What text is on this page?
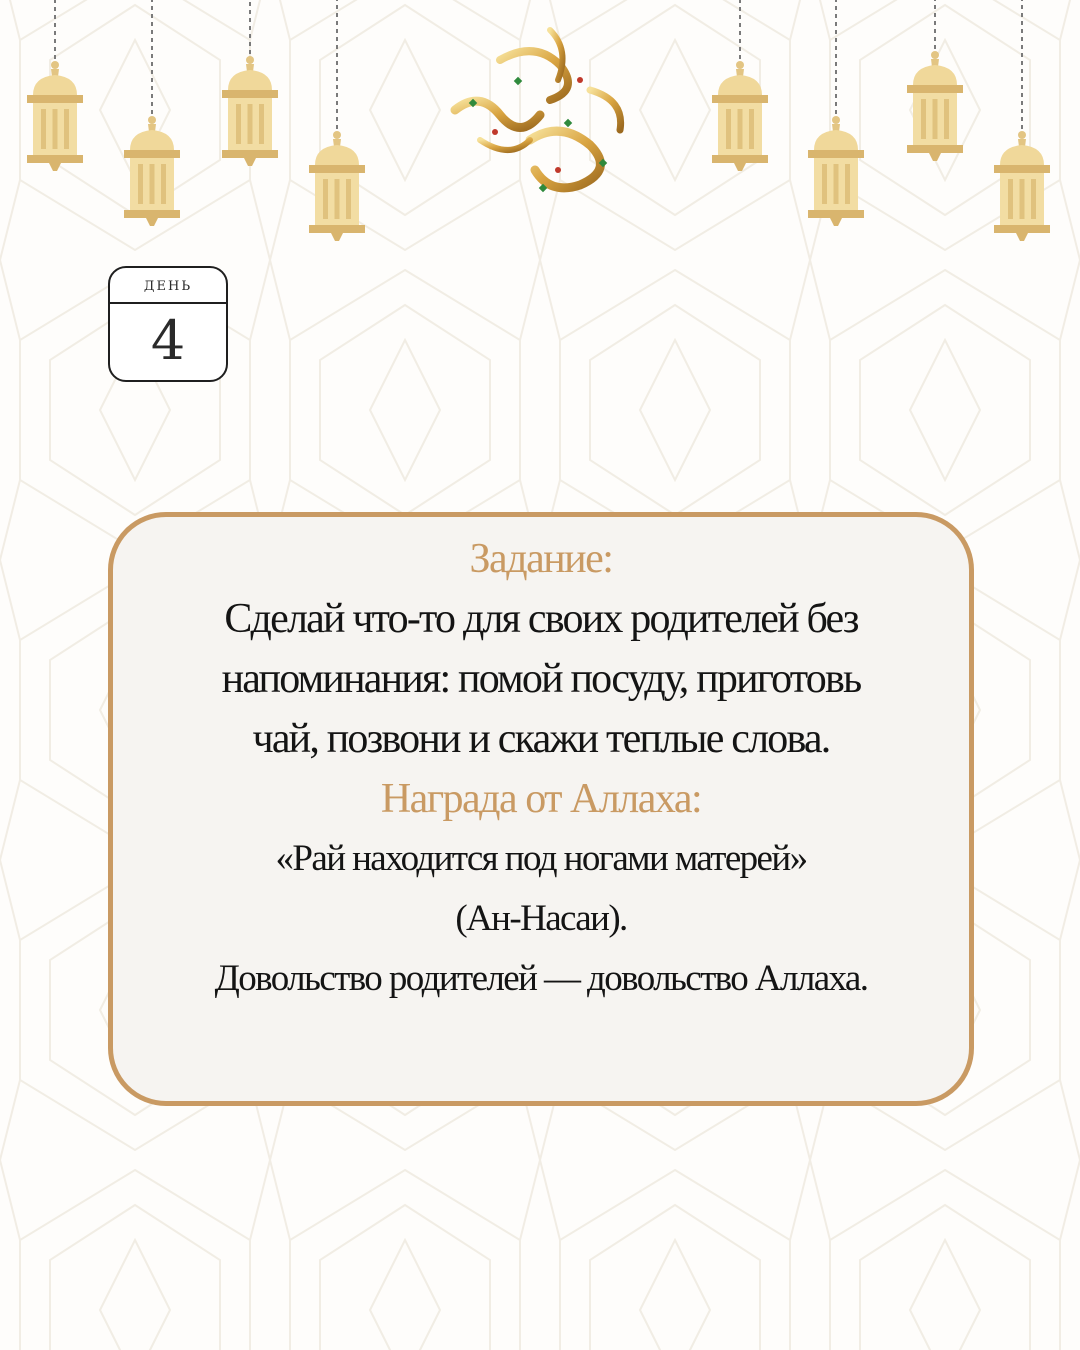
ДЕНЬ
4
Задание:
Сделай что-то для своих родителей без
напоминания: помой посуду, приготовь
чай, позвони и скажи теплые слова.
Награда от Аллаха:
«Рай находится под ногами матерей»
(Ан-Насаи).
Довольство родителей — довольство Аллаха.
